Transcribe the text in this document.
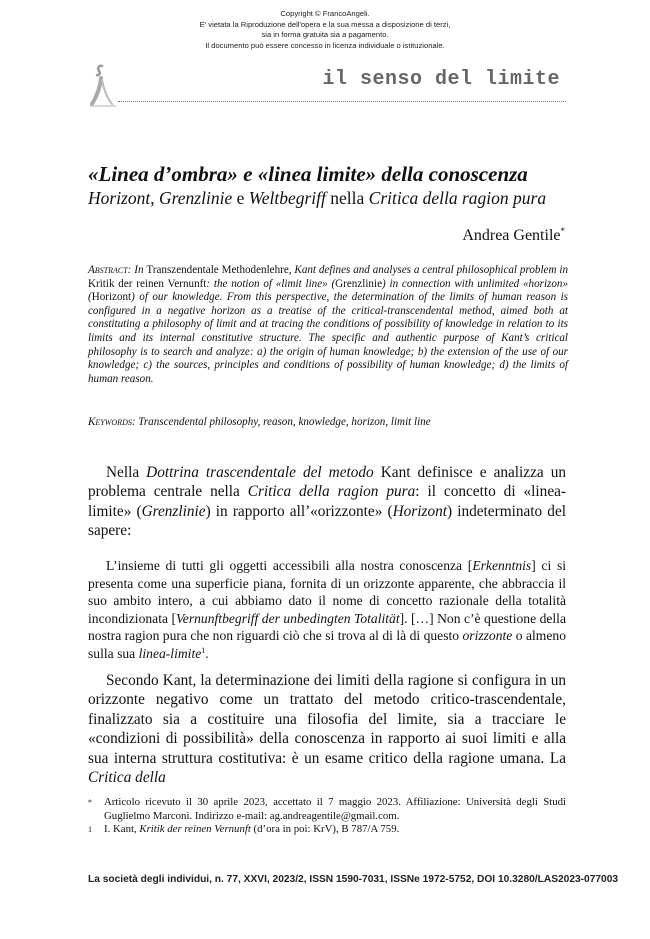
Copyright © FrancoAngeli.
E' vietata la Riproduzione dell'opera e la sua messa a disposizione di terzi,
sia in forma gratuita sia a pagamento.
Il documento può essere concesso in licenza individuale o istituzionale.
il senso del limite
«Linea d’ombra» e «linea limite» della conoscenza
Horizont, Grenzlinie e Weltbegriff nella Critica della ragion pura
Andrea Gentile*
Abstract: In Transzendentale Methodenlehre, Kant defines and analyses a central philosophical problem in Kritik der reinen Vernunft: the notion of «limit line» (Grenzlinie) in connection with unlimited «horizon» (Horizont) of our knowledge. From this perspective, the determination of the limits of human reason is configured in a negative horizon as a treatise of the critical-transcendental method, aimed both at constituting a philosophy of limit and at tracing the conditions of possibility of knowledge in relation to its limits and its internal constitutive structure. The specific and authentic purpose of Kant’s critical philosophy is to search and analyze: a) the origin of human knowledge; b) the extension of the use of our knowledge; c) the sources, principles and conditions of possibility of human knowledge; d) the limits of human reason.
Keywords: Transcendental philosophy, reason, knowledge, horizon, limit line
Nella Dottrina trascendentale del metodo Kant definisce e analizza un problema centrale nella Critica della ragion pura: il concetto di «linea-limite» (Grenzlinie) in rapporto all’«orizzonte» (Horizont) indeterminato del sapere:
L’insieme di tutti gli oggetti accessibili alla nostra conoscenza [Erkenntnis] ci si presenta come una superficie piana, fornita di un orizzonte apparente, che abbraccia il suo ambito intero, a cui abbiamo dato il nome di concetto razionale della totalità incondizionata [Vernunftbegriff der unbedingten Totalität]. […] Non c’è questione della nostra ragion pura che non riguardi ciò che si trova al di là di questo orizzonte o almeno sulla sua linea-limite$^1$.
Secondo Kant, la determinazione dei limiti della ragione si configura in un orizzonte negativo come un trattato del metodo critico-trascendentale, finalizzato sia a costituire una filosofia del limite, sia a tracciare le «condizioni di possibilità» della conoscenza in rapporto ai suoi limiti e alla sua interna struttura costitutiva: è un esame critico della ragione umana. La Critica della
*	Articolo ricevuto il 30 aprile 2023, accettato il 7 maggio 2023. Affiliazione: Università degli Studi Guglielmo Marconi. Indirizzo e-mail: ag.andreagentile@gmail.com.
1	I. Kant, Kritik der reinen Vernunft (d’ora in poi: KrV), B 787/A 759.
La società degli individui, n. 77, XXVI, 2023/2, ISSN 1590-7031, ISSNe 1972-5752, DOI 10.3280/LAS2023-077003
